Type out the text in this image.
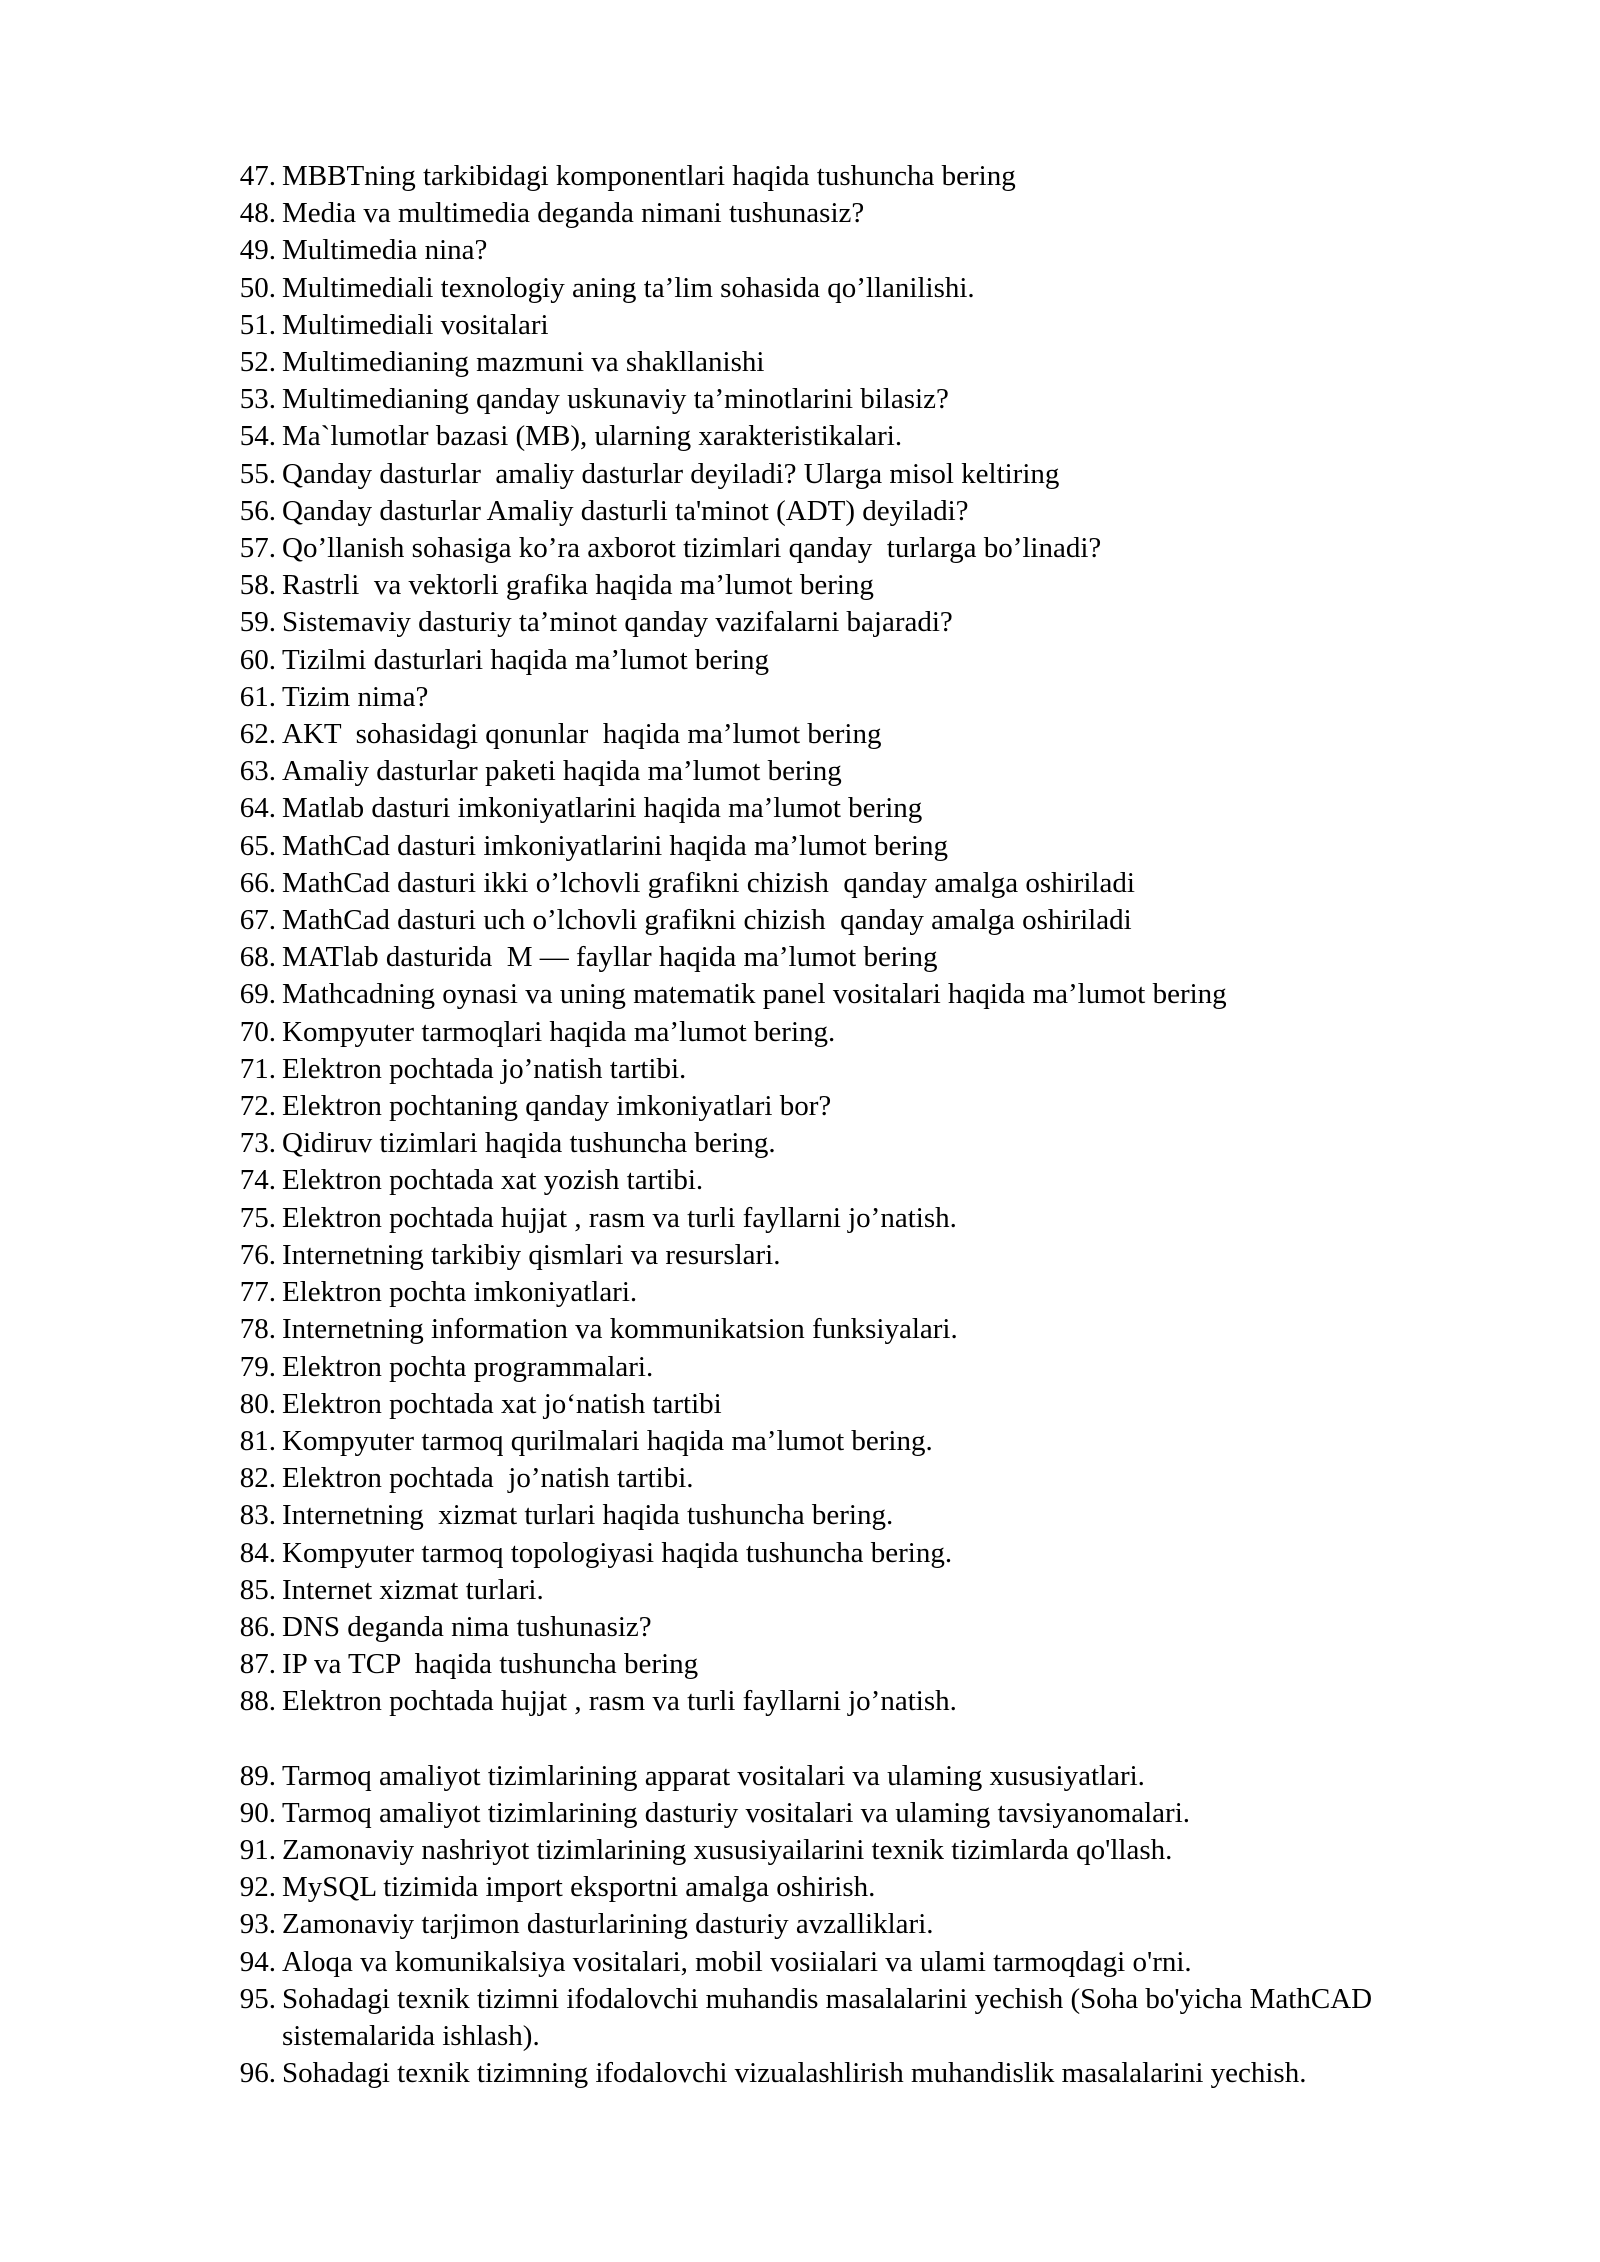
47. MBBTning tarkibidagi komponentlari haqida tushuncha bering
48. Media va multimedia deganda nimani tushunasiz?
49. Multimedia nina?
50. Multimediali texnologiy aning ta’lim sohasida qo’llanilishi.
51. Multimediali vositalari
52. Multimedianing mazmuni va shakllanishi
53. Multimedianing qanday uskunaviy ta’minotlarini bilasiz?
54. Ma`lumotlar bazasi (MB), ularning xarakteristikalari.
55. Qanday dasturlar  amaliy dasturlar deyiladi? Ularga misol keltiring
56. Qanday dasturlar Amaliy dasturli ta'minot (ADT) deyiladi?
57. Qo’llanish sohasiga ko’ra axborot tizimlari qanday  turlarga bo’linadi?
58. Rastrli  va vektorli grafika haqida ma’lumot bering
59. Sistemaviy dasturiy ta’minot qanday vazifalarni bajaradi?
60. Tizilmi dasturlari haqida ma’lumot bering
61. Tizim nima?
62. AKT  sohasidagi qonunlar  haqida ma’lumot bering
63. Amaliy dasturlar paketi haqida ma’lumot bering
64. Matlab dasturi imkoniyatlarini haqida ma’lumot bering
65. MathCad dasturi imkoniyatlarini haqida ma’lumot bering
66. MathCad dasturi ikki o’lchovli grafikni chizish  qanday amalga oshiriladi
67. MathCad dasturi uch o’lchovli grafikni chizish  qanday amalga oshiriladi
68. MATlab dasturida  M — fayllar haqida ma’lumot bering
69. Mathcadning oynasi va uning matematik panel vositalari haqida ma’lumot bering
70. Kompyuter tarmoqlari haqida ma’lumot bering.
71. Elektron pochtada jo’natish tartibi.
72. Elektron pochtaning qanday imkoniyatlari bor?
73. Qidiruv tizimlari haqida tushuncha bering.
74. Elektron pochtada xat yozish tartibi.
75. Elektron pochtada hujjat , rasm va turli fayllarni jo’natish.
76. Internetning tarkibiy qismlari va resurslari.
77. Elektron pochta imkoniyatlari.
78. Internetning information va kommunikatsion funksiyalari.
79. Elektron pochta programmalari.
80. Elektron pochtada xat jo‘natish tartibi
81. Kompyuter tarmoq qurilmalari haqida ma’lumot bering.
82. Elektron pochtada  jo’natish tartibi.
83. Internetning  xizmat turlari haqida tushuncha bering.
84. Kompyuter tarmoq topologiyasi haqida tushuncha bering.
85. Internet xizmat turlari.
86. DNS deganda nima tushunasiz?
87. IP va TCP  haqida tushuncha bering
88. Elektron pochtada hujjat , rasm va turli fayllarni jo’natish.
89. Tarmoq amaliyot tizimlarining apparat vositalari va ulaming xususiyatlari.
90. Tarmoq amaliyot tizimlarining dasturiy vositalari va ulaming tavsiyanomalari.
91. Zamonaviy nashriyot tizimlarining xususiyailarini texnik tizimlarda qo'llash.
92. MySQL tizimida import eksportni amalga oshirish.
93. Zamonaviy tarjimon dasturlarining dasturiy avzalliklari.
94. Aloqa va komunikalsiya vositalari, mobil vosiialari va ulami tarmoqdagi o'rni.
95. Sohadagi texnik tizimni ifodalovchi muhandis masalalarini yechish (Soha bo'yicha MathCAD sistemalarida ishlash).
96. Sohadagi texnik tizimning ifodalovchi vizualashlirish muhandislik masalalarini yechish.
